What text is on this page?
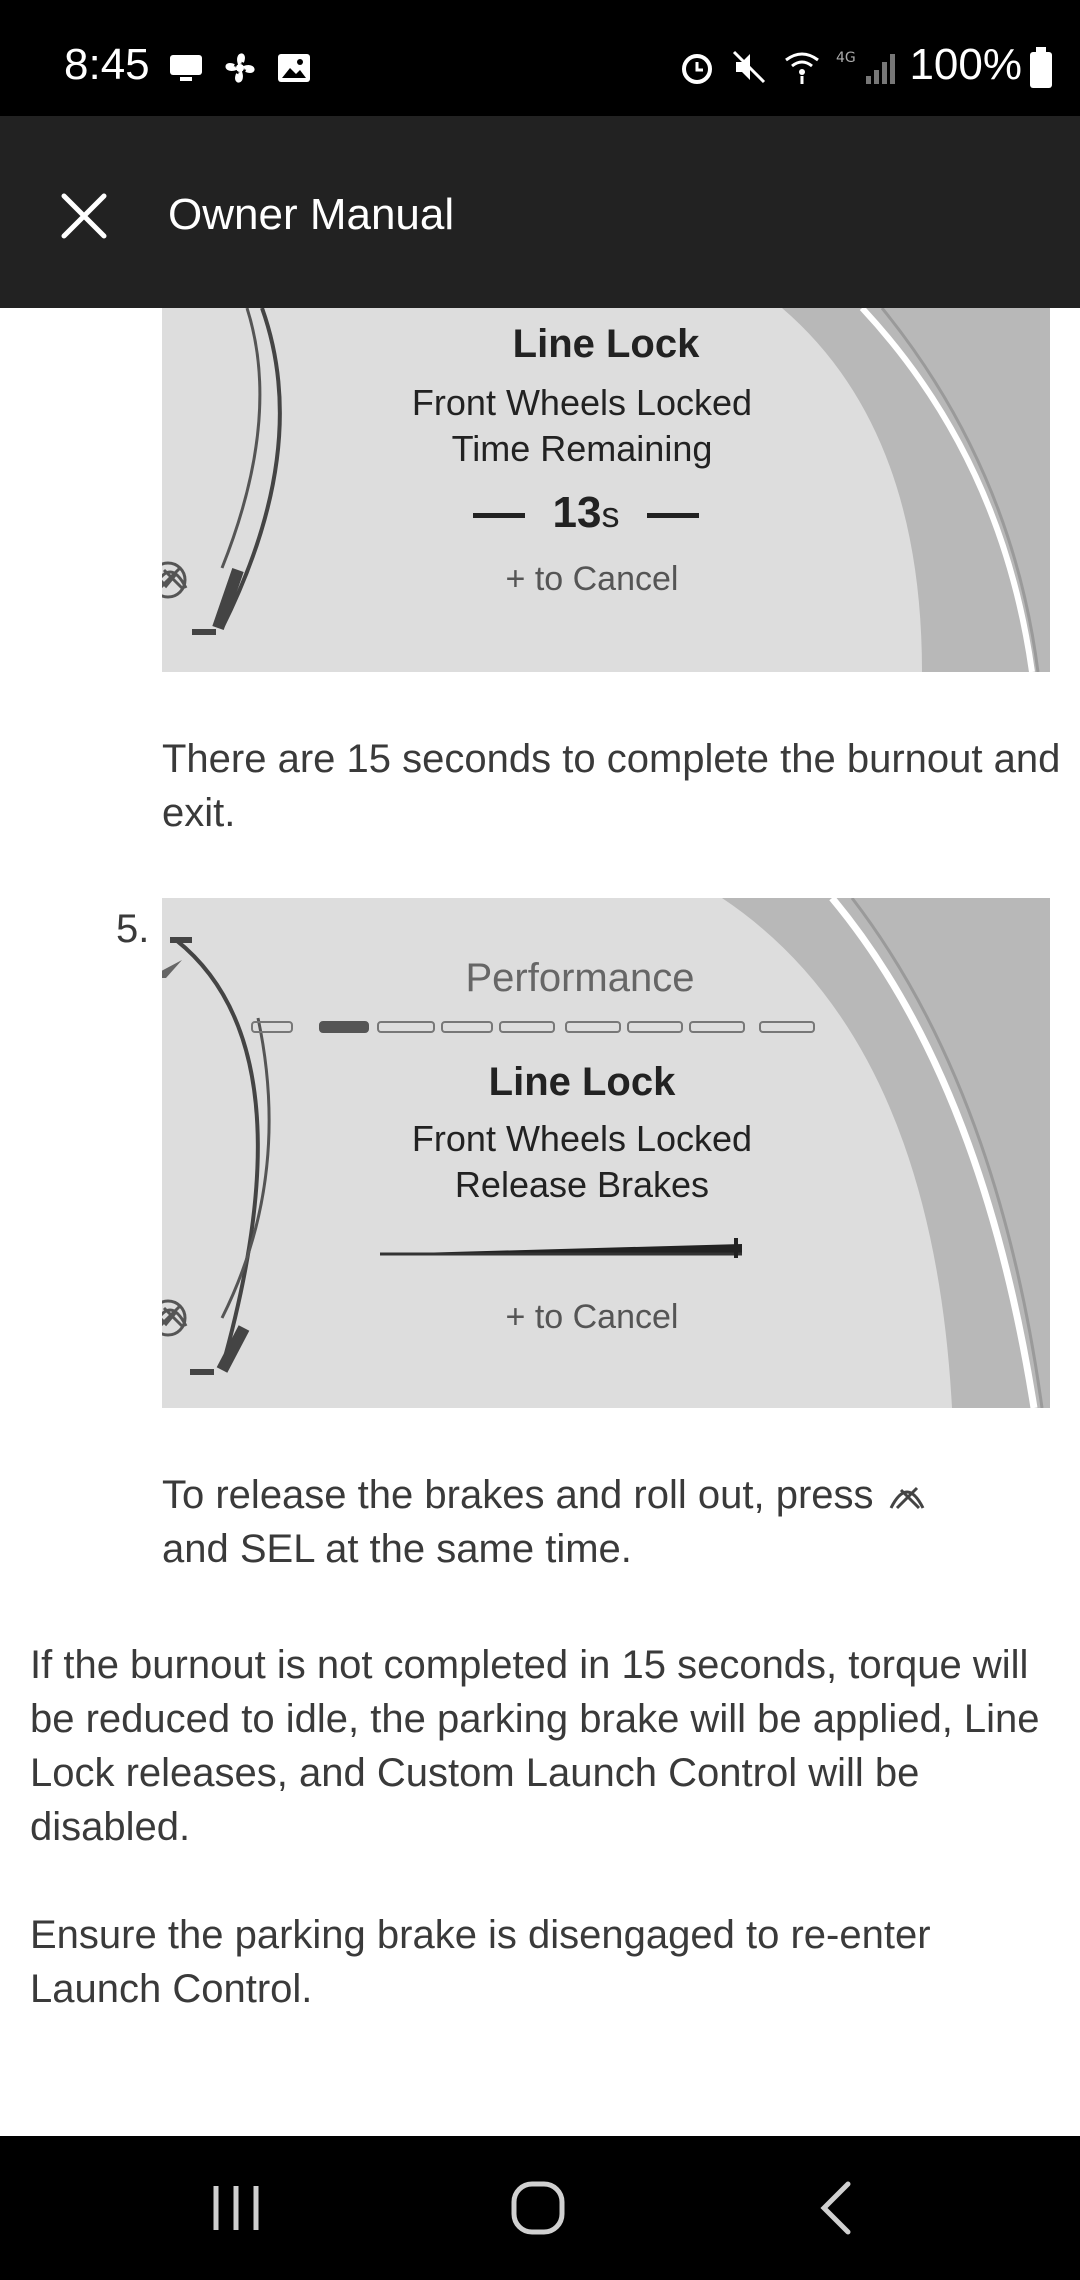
8:45	4G 100%
Owner Manual
Line Lock
Front Wheels Locked
Time Remaining
13s
+ to Cancel
There are 15 seconds to complete the burnout and exit.
5.
Performance
Line Lock
Front Wheels Locked
Release Brakes
+ to Cancel
To release the brakes and roll out, press
and SEL at the same time.
If the burnout is not completed in 15 seconds, torque will be reduced to idle, the parking brake will be applied, Line Lock releases, and Custom Launch Control will be disabled.
Ensure the parking brake is disengaged to re-enter Launch Control.
